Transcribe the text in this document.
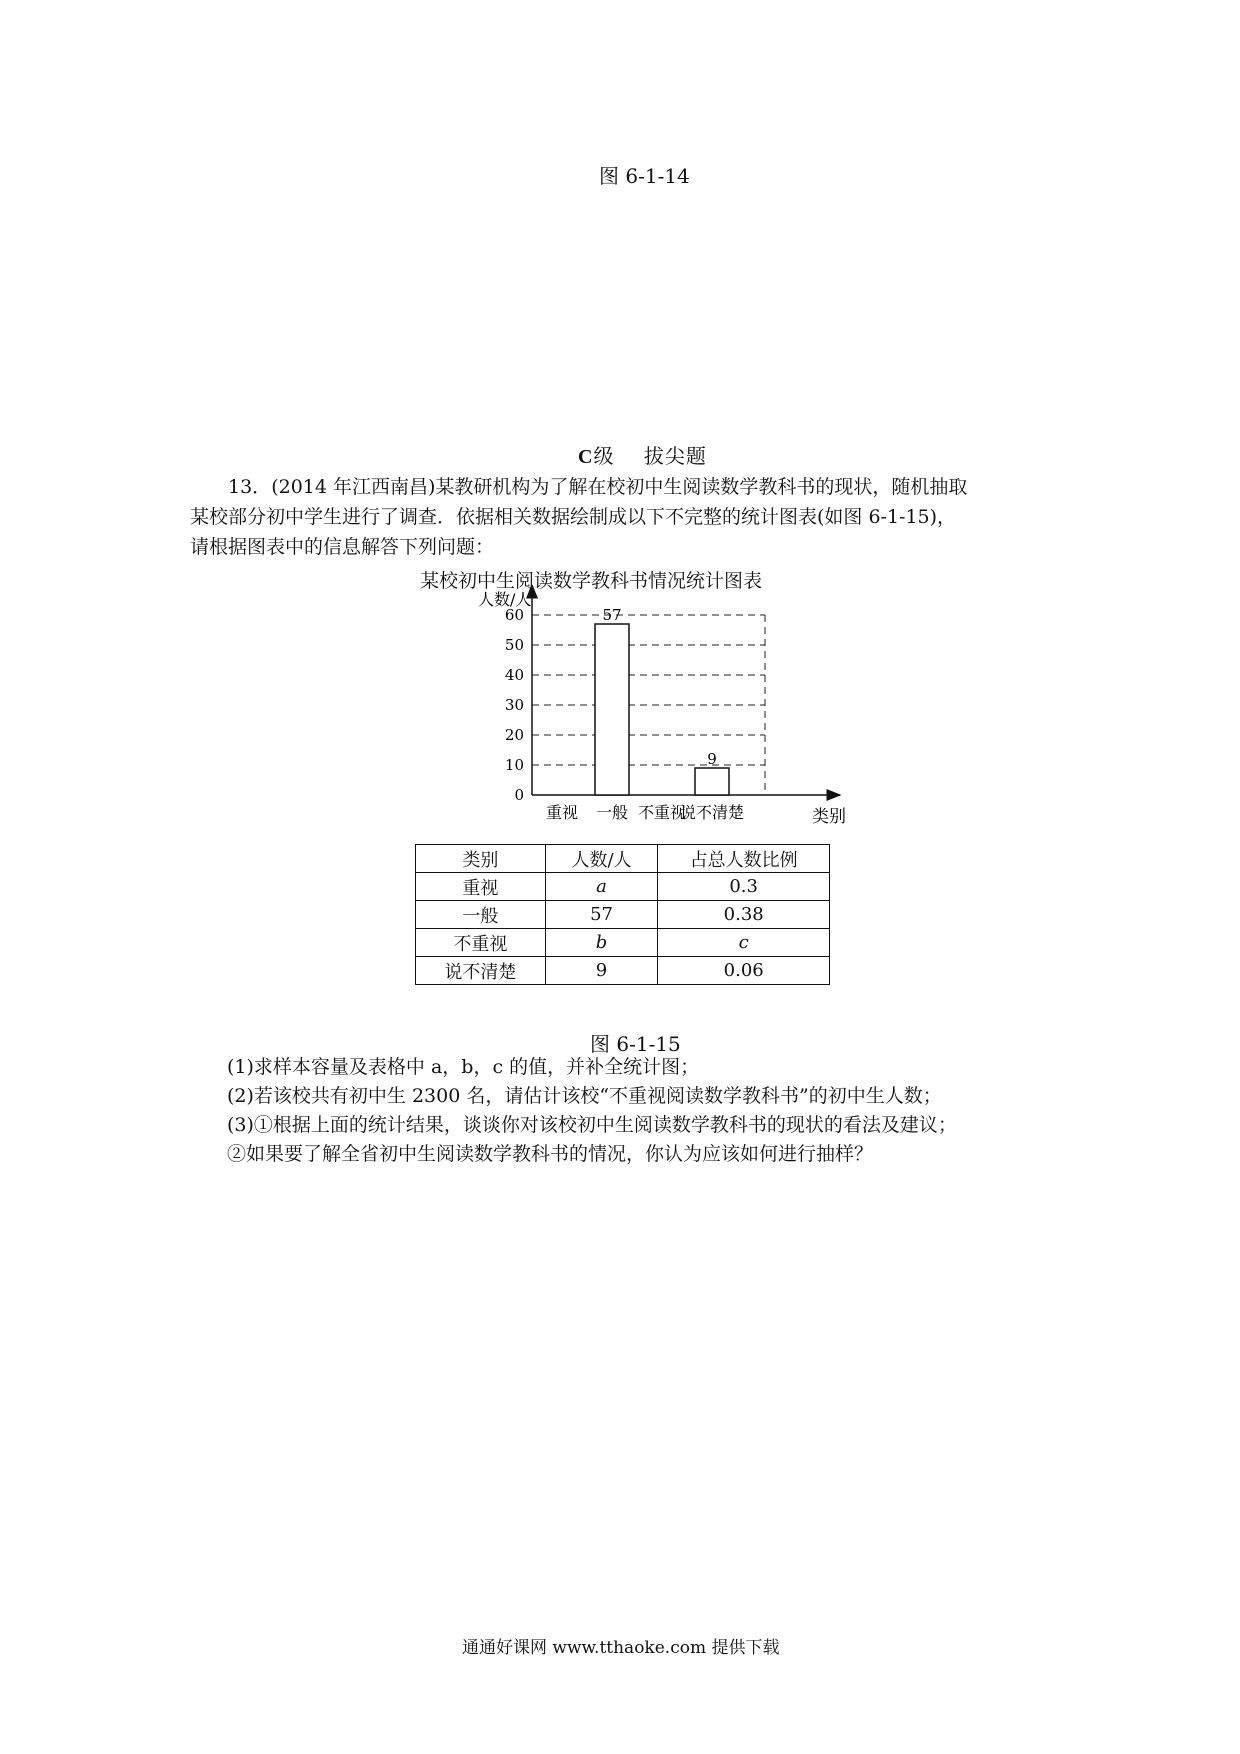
图 6-1-14
C级 拔尖题
13．(2014 年江西南昌)某教研机构为了解在校初中生阅读数学教科书的现状，随机抽取
某校部分初中学生进行了调查．依据相关数据绘制成以下不完整的统计图表(如图 6-1-15)，
请根据图表中的信息解答下列问题：
某校初中生阅读数学教科书情况统计图表
人数/人
类别
0
10
20
30
40
50
60	57
9
重视 一般 不重视
说不清楚
类别	人数/人	占总人数比例
重视	a	0.3
一般	57	0.38
不重视	b	c
说不清楚	9	0.06
图 6-1-15
(1)求样本容量及表格中 a，b，c 的值，并补全统计图；
(2)若该校共有初中生 2300 名，请估计该校“不重视阅读数学教科书”的初中生人数；
(3)①根据上面的统计结果，谈谈你对该校初中生阅读数学教科书的现状的看法及建议；
②如果要了解全省初中生阅读数学教科书的情况，你认为应该如何进行抽样？
通通好课网 www.tthaoke.com 提供下载
